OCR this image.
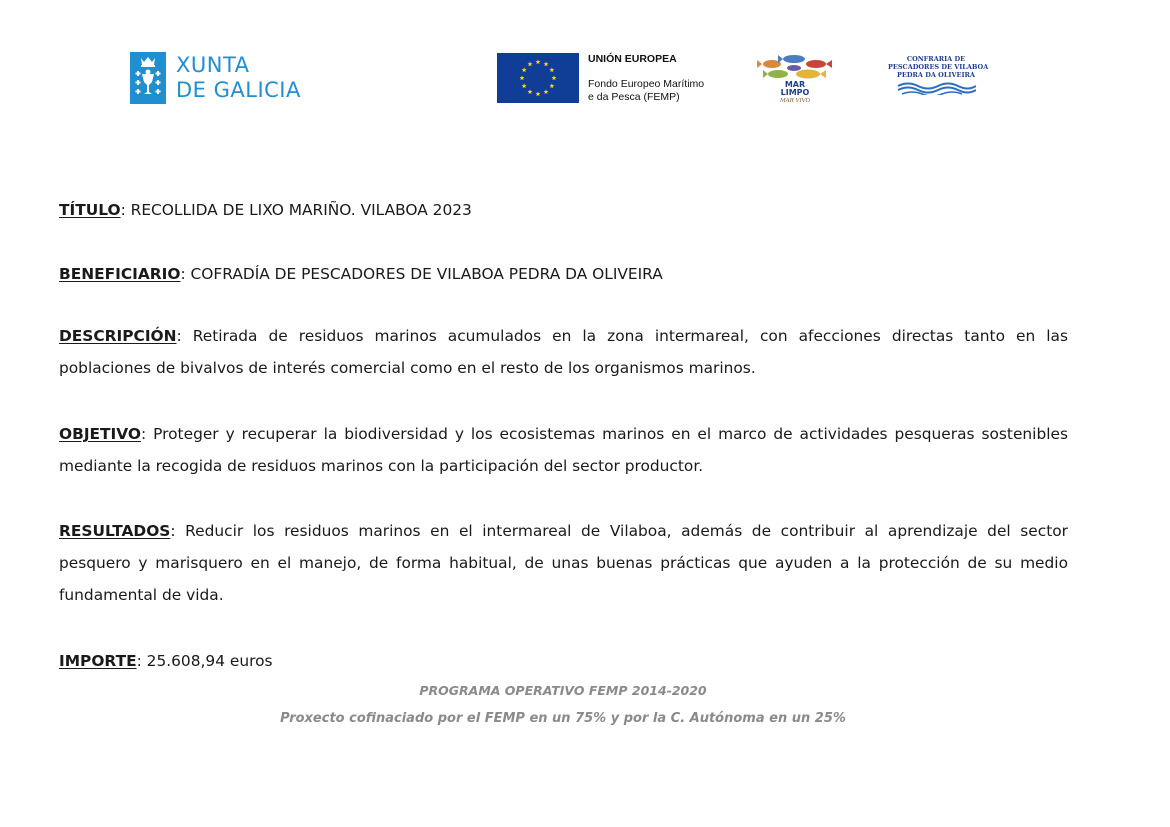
XUNTA
DE GALICIA
UNIÓN EUROPEA
Fondo Europeo Marítimo
e da Pesca (FEMP)
MAR
LIMPO
MAR VIVO
CONFRARIA DE
PESCADORES DE VILABOA
PEDRA DA OLIVEIRA

TÍTULO: RECOLLIDA DE LIXO MARIÑO. VILABOA 2023

BENEFICIARIO: COFRADÍA DE PESCADORES DE VILABOA PEDRA DA OLIVEIRA

DESCRIPCIÓN: Retirada de residuos marinos acumulados en la zona intermareal, con afecciones directas tanto en las poblaciones de bivalvos de interés comercial como en el resto de los organismos marinos.

OBJETIVO: Proteger y recuperar la biodiversidad y los ecosistemas marinos en el marco de actividades pesqueras sostenibles mediante la recogida de residuos marinos con la participación del sector productor.

RESULTADOS: Reducir los residuos marinos en el intermareal de Vilaboa, además de contribuir al aprendizaje del sector pesquero y marisquero en el manejo, de forma habitual, de unas buenas prácticas que ayuden a la protección de su medio fundamental de vida.

IMPORTE: 25.608,94 euros

PROGRAMA OPERATIVO FEMP 2014-2020
Proxecto cofinaciado por el FEMP en un 75% y por la C. Autónoma en un 25%
